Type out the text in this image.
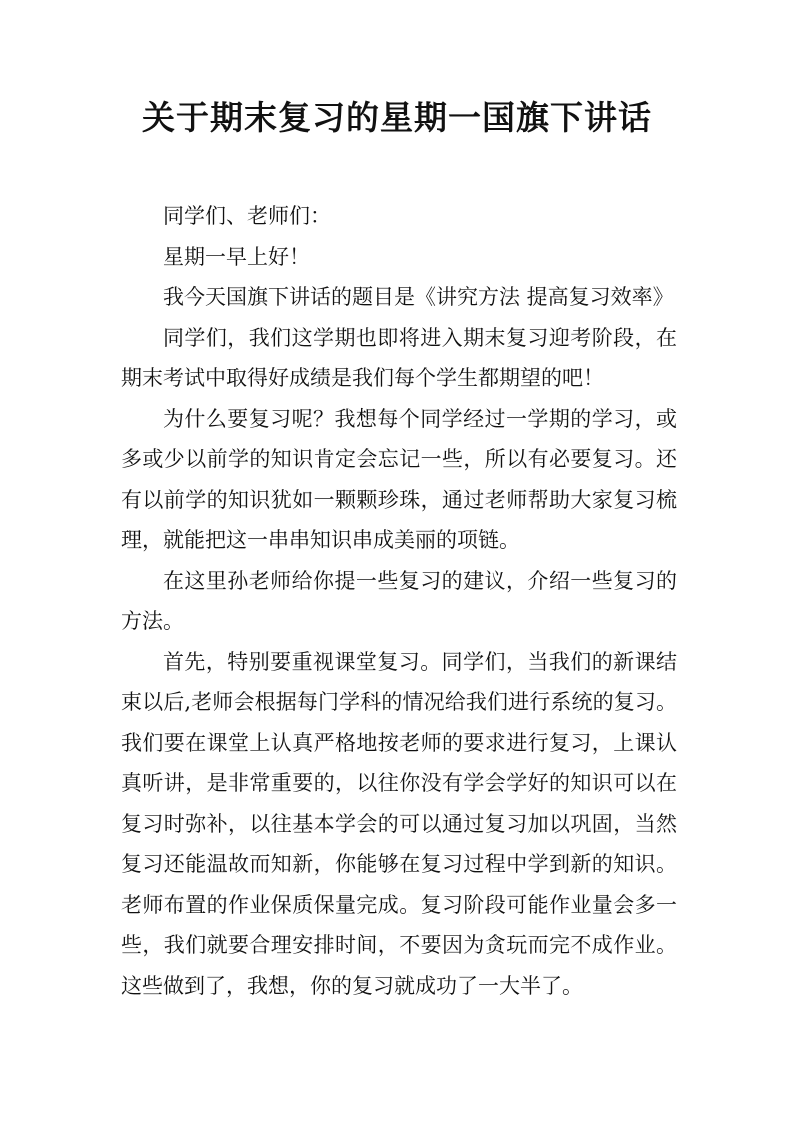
关于期末复习的星期一国旗下讲话

同学们、老师们：

星期一早上好！

我今天国旗下讲话的题目是《讲究方法 提高复习效率》

同学们，我们这学期也即将进入期末复习迎考阶段，在期末考试中取得好成绩是我们每个学生都期望的吧！

为什么要复习呢？我想每个同学经过一学期的学习，或多或少以前学的知识肯定会忘记一些，所以有必要复习。还有以前学的知识犹如一颗颗珍珠，通过老师帮助大家复习梳理，就能把这一串串知识串成美丽的项链。

在这里孙老师给你提一些复习的建议，介绍一些复习的方法。

首先，特别要重视课堂复习。同学们，当我们的新课结束以后,老师会根据每门学科的情况给我们进行系统的复习。我们要在课堂上认真严格地按老师的要求进行复习，上课认真听讲，是非常重要的，以往你没有学会学好的知识可以在复习时弥补，以往基本学会的可以通过复习加以巩固，当然复习还能温故而知新，你能够在复习过程中学到新的知识。老师布置的作业保质保量完成。复习阶段可能作业量会多一些，我们就要合理安排时间，不要因为贪玩而完不成作业。这些做到了，我想，你的复习就成功了一大半了。
